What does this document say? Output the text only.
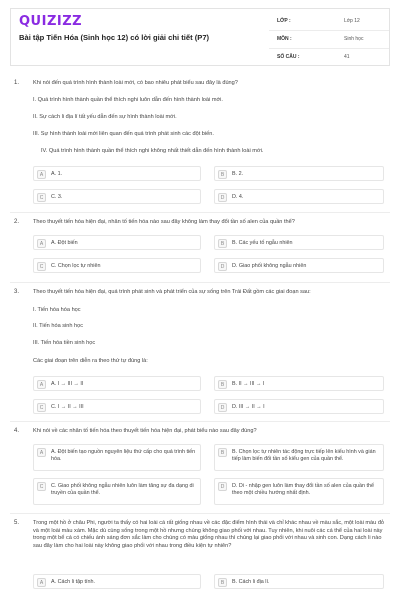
QUIZIZZ
Bài tập Tiến Hóa (Sinh học 12) có lời giải chi tiết (P7)
LỚP :	Lớp 12
MÔN :	Sinh học
SỐ CÂU :	41
1. Khi nói đến quá trình hình thành loài mới, có bao nhiêu phát biểu sau đây là đúng?
I. Quá trình hình thành quần thể thích nghi luôn dẫn đến hình thành loài mới.
II. Sự cách li địa lí tất yếu dẫn đến sự hình thành loài mới.
III. Sự hình thành loài mới liên quan đến quá trình phát sinh các đột biến.
IV. Quá trình hình thành quần thể thích nghi không nhất thiết dẫn đến hình thành loài mới.
A	A. 1.	B	B. 2.
C	C. 3.	D	D. 4.
2. Theo thuyết tiến hóa hiện đại, nhân tố tiến hóa nào sau đây không làm thay đổi tần số alen của quần thể?
A	A. Đột biến	B	B. Các yếu tố ngẫu nhiên
C	C. Chọn lọc tự nhiên	D	D. Giao phối không ngẫu nhiên
3. Theo thuyết tiến hóa hiện đại, quá trình phát sinh và phát triển của sự sống trên Trái Đất gồm các giai đoạn sau:
I. Tiến hóa hóa học
II. Tiến hóa sinh học
III. Tiến hóa tiền sinh học
Các giai đoạn trên diễn ra theo thứ tự đúng là:
A	A. I → III → II	B	B. II → III → I
C	C. I → II → III	D	D. III → II → I
4. Khi nói về các nhân tố tiến hóa theo thuyết tiến hóa hiện đại, phát biểu nào sau đây đúng?
A	A. Đột biến tạo nguồn nguyên liệu thứ cấp cho quá trình tiến hóa.
B	B. Chọn lọc tự nhiên tác động trực tiếp lên kiểu hình và gián tiếp làm biến đổi tần số kiểu gen của quần thể.
C	C. Giao phối không ngẫu nhiên luôn làm tăng sự đa dạng di truyền của quần thể.
D	D. Di - nhập gen luôn làm thay đổi tần số alen của quần thể theo một chiều hướng nhất định.
5. Trong một hồ ở châu Phi, người ta thấy có hai loài cá rất giống nhau về các đặc điểm hình thái và chỉ khác nhau về màu sắc, một loài màu đỏ và một loài màu xám. Mặc dù cùng sống trong một hồ nhưng chúng không giao phối với nhau. Tuy nhiên, khi nuôi các cá thể của hai loài này trong một bể cá có chiếu ánh sáng đơn sắc làm cho chúng có màu giống nhau thì chúng lại giao phối với nhau và sinh con. Dạng cách li nào sau đây làm cho hai loài này không giao phối với nhau trong điều kiện tự nhiên?
A	A. Cách li tập tính.	B	B. Cách li địa lí.
